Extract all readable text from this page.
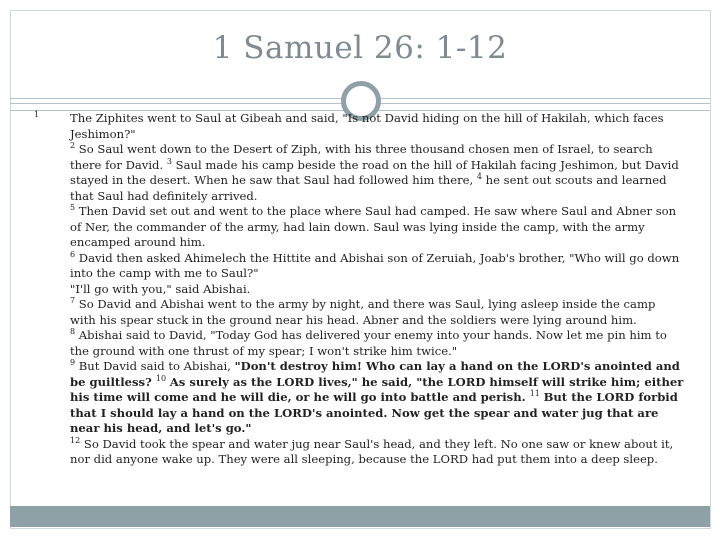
1 Samuel 26: 1-12

$^1$	The Ziphites went to Saul at Gibeah and said, "Is not David hiding on the hill of Hakilah, which faces Jeshimon?"

$^2$ So Saul went down to the Desert of Ziph, with his three thousand chosen men of Israel, to search there for David. $^3$ Saul made his camp beside the road on the hill of Hakilah facing Jeshimon, but David stayed in the desert. When he saw that Saul had followed him there, $^4$ he sent out scouts and learned that Saul had definitely arrived.

$^5$ Then David set out and went to the place where Saul had camped. He saw where Saul and Abner son of Ner, the commander of the army, had lain down. Saul was lying inside the camp, with the army encamped around him.

$^6$ David then asked Ahimelech the Hittite and Abishai son of Zeruiah, Joab's brother, "Who will go down into the camp with me to Saul?"

"I'll go with you," said Abishai.

$^7$ So David and Abishai went to the army by night, and there was Saul, lying asleep inside the camp with his spear stuck in the ground near his head. Abner and the soldiers were lying around him.

$^8$ Abishai said to David, "Today God has delivered your enemy into your hands. Now let me pin him to the ground with one thrust of my spear; I won't strike him twice."

$^9$ But David said to Abishai, "Don't destroy him! Who can lay a hand on the LORD's anointed and be guiltless? $^{10}$ As surely as the LORD lives," he said, "the LORD himself will strike him; either his time will come and he will die, or he will go into battle and perish. $^{11}$ But the LORD forbid that I should lay a hand on the LORD's anointed. Now get the spear and water jug that are near his head, and let's go."

$^{12}$ So David took the spear and water jug near Saul's head, and they left. No one saw or knew about it, nor did anyone wake up. They were all sleeping, because the LORD had put them into a deep sleep.
